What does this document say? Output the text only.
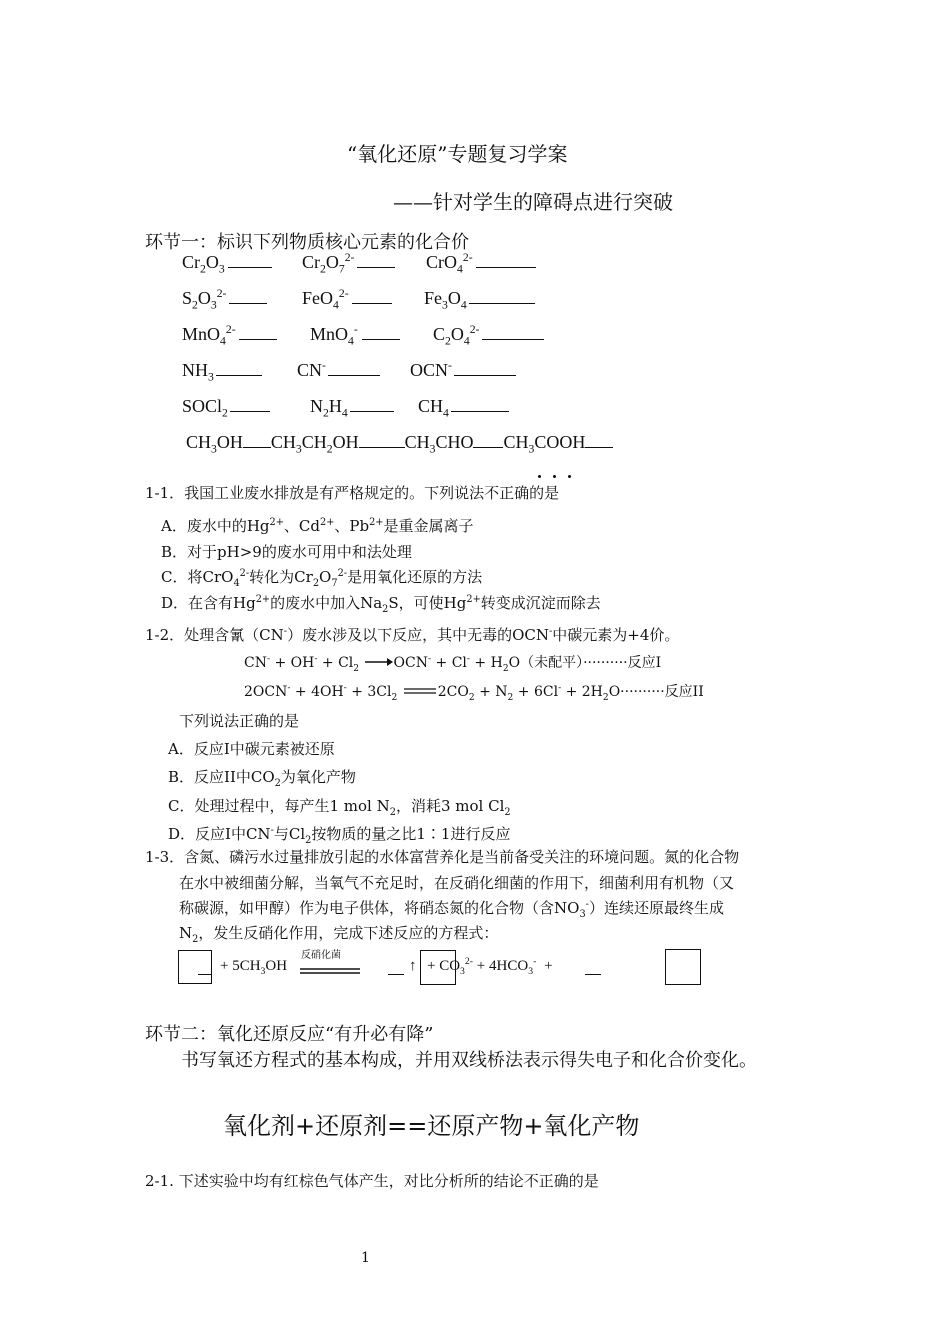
“氧化还原”专题复习学案
——针对学生的障碍点进行突破
环节一：标识下列物质核心元素的化合价
$Cr_2O_3$	$Cr_2O_7^{2-}$	CrO$_4^{2-}$
$S_2O_3^{2-}$	FeO$_4^{2-}$	$Fe_3O_4$
MnO$_4^{2-}$	MnO$_4$-	$C_2O_4^{2-}$
$NH_3$	CN-	OCN-
SOCl$_2$	$N_2H_4$	$CH_4$
$CH_3OH$ $CH_3CH_2OH$	$CH_3CHO$ $CH_3COOH$
1-1．我国工业废水排放是有严格规定的。下列说法不正确的是
A．废水中的$Hg^{2+}$、$Cd^{2+}$、$Pb^{2+}$是重金属离子
B．对于pH>9的废水可用中和法处理
C．将CrO$_4^{2-}$转化为$Cr_2O_7^{2-}$是用氧化还原的方法
D．在含有$Hg^{2+}$的废水中加入$Na_2S$，可使$Hg^{2+}$转变成沉淀而除去
1-2．处理含氰（CN-）废水涉及以下反应，其中无毒的OCN-中碳元素为+4价。
$CN^- + OH^- + Cl_2 \to OCN^- + Cl^- + H_2O$（未配平）··········反应I
$2OCN^- + 4OH^- + 3Cl_2$	$2CO_2 + N_2 + 6Cl^- + 2H_2O\cdot\cdot\cdot\cdot\cdot\cdot\cdot\cdot\cdot\cdot$反应II
下列说法正确的是
A．反应I中碳元素被还原
B．反应II中$CO_2$为氧化产物
C．处理过程中，每产生1 mol $N_2$，消耗3 mol $Cl_2$
D．反应I中CN-与$Cl_2$按物质的量之比1∶1进行反应
1-3．含氮、磷污水过量排放引起的水体富营养化是当前备受关注的环境问题。氮的化合物
在水中被细菌分解，当氧气不充足时，在反硝化细菌的作用下，细菌利用有机物（又
称碳源，如甲醇）作为电子供体，将硝态氮的化合物（含$NO_3^-$）连续还原最终生成
$N_2$，发生反硝化作用，完成下述反应的方程式：
+ $5CH_3OH$
反硝化菌
↑ + $CO_3^{2-} + 4HCO_3^-$ +
环节二：氧化还原反应“有升必有降”
书写氧还方程式的基本构成，并用双线桥法表示得失电子和化合价变化。
氧化剂+还原剂==还原产物+氧化产物
2-1. 下述实验中均有红棕色气体产生，对比分析所的结论不正确的是
1
